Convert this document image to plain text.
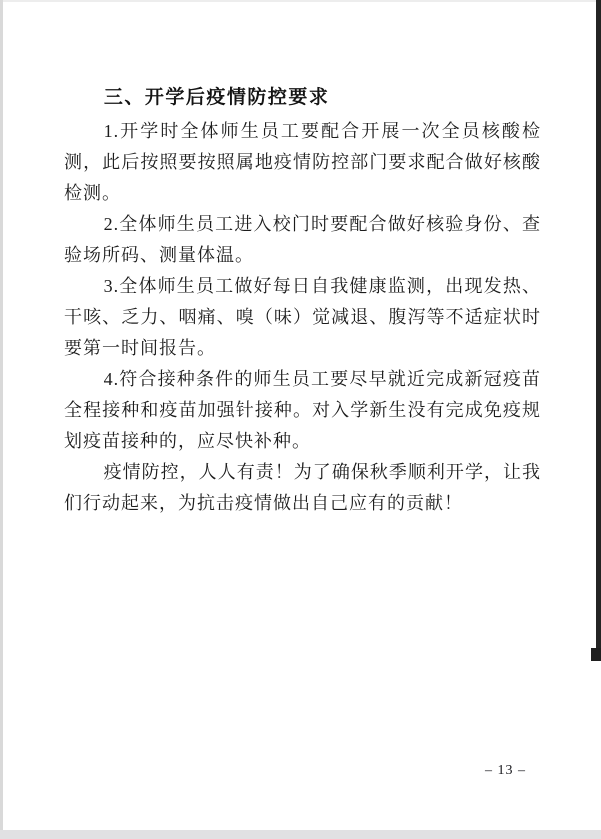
三、开学后疫情防控要求

1.开学时全体师生员工要配合开展一次全员核酸检测，此后按照要按照属地疫情防控部门要求配合做好核酸检测。

2.全体师生员工进入校门时要配合做好核验身份、查验场所码、测量体温。

3.全体师生员工做好每日自我健康监测，出现发热、干咳、乏力、咽痛、嗅（味）觉减退、腹泻等不适症状时要第一时间报告。

4.符合接种条件的师生员工要尽早就近完成新冠疫苗全程接种和疫苗加强针接种。对入学新生没有完成免疫规划疫苗接种的，应尽快补种。

疫情防控，人人有责！为了确保秋季顺利开学，让我们行动起来，为抗击疫情做出自己应有的贡献！

– 13 –
